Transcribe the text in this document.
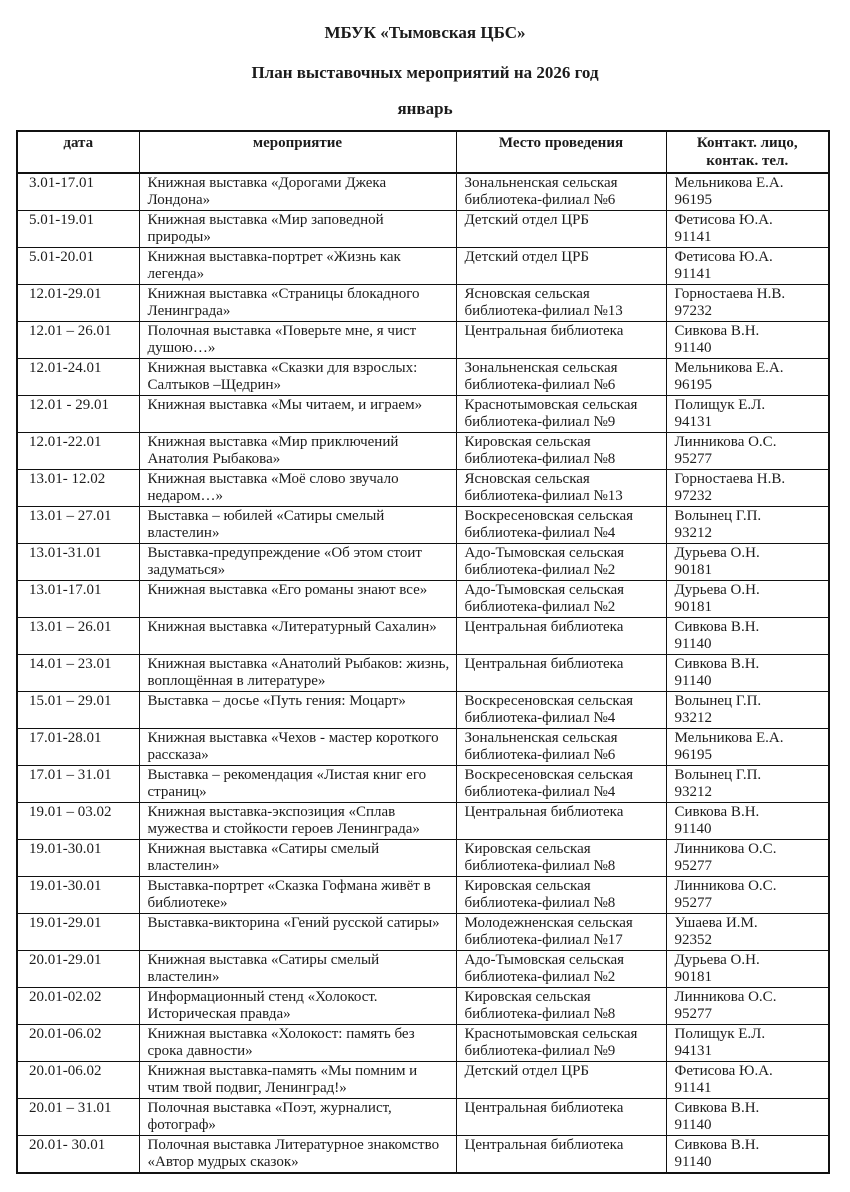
МБУК «Тымовская ЦБС»
План выставочных мероприятий на 2026 год
январь
дата	мероприятие	Место проведения	Контакт. лицо,
контак. тел.

3.01-17.01	Книжная выставка «Дорогами Джека Лондона»	Зональненская сельская библиотека-филиал №6	Мельникова Е.А.
96195

5.01-19.01	Книжная выставка «Мир заповедной природы»	Детский отдел ЦРБ	Фетисова Ю.А.
91141

5.01-20.01	Книжная выставка-портрет «Жизнь как легенда»	Детский отдел ЦРБ	Фетисова Ю.А.
91141

12.01-29.01	Книжная выставка «Страницы блокадного Ленинграда»	Ясновская сельская библиотека-филиал №13	Горностаева Н.В.
97232

12.01 – 26.01	Полочная выставка «Поверьте мне, я чист душою…»	Центральная библиотека	Сивкова В.Н.
91140

12.01-24.01	Книжная выставка «Сказки для взрослых: Салтыков –Щедрин»	Зональненская сельская библиотека-филиал №6	Мельникова Е.А.
96195

12.01 - 29.01	Книжная выставка «Мы читаем, и играем»	Краснотымовская сельская библиотека-филиал №9	Полищук Е.Л.
94131

12.01-22.01	Книжная выставка «Мир приключений Анатолия Рыбакова»	Кировская сельская библиотека-филиал №8	Линникова О.С.
95277

13.01- 12.02	Книжная выставка «Моё слово звучало недаром…»	Ясновская сельская библиотека-филиал №13	Горностаева Н.В.
97232

13.01 – 27.01	Выставка – юбилей «Сатиры смелый властелин»	Воскресеновская сельская библиотека-филиал №4	Волынец Г.П.
93212

13.01-31.01	Выставка-предупреждение «Об этом стоит задуматься»	Адо-Тымовская сельская библиотека-филиал №2	Дурьева О.Н.
90181

13.01-17.01	Книжная выставка «Его романы знают все»	Адо-Тымовская сельская библиотека-филиал №2	Дурьева О.Н.
90181

13.01 – 26.01	Книжная выставка «Литературный Сахалин»	Центральная библиотека	Сивкова В.Н.
91140

14.01 – 23.01	Книжная выставка «Анатолий Рыбаков: жизнь, воплощённая в литературе»	Центральная библиотека	Сивкова В.Н.
91140

15.01 – 29.01	Выставка – досье «Путь гения: Моцарт»	Воскресеновская сельская библиотека-филиал №4	Волынец Г.П.
93212

17.01-28.01	Книжная выставка «Чехов - мастер короткого рассказа»	Зональненская сельская библиотека-филиал №6	Мельникова Е.А.
96195

17.01 – 31.01	Выставка – рекомендация «Листая книг его страниц»	Воскресеновская сельская библиотека-филиал №4	Волынец Г.П.
93212

19.01 – 03.02	Книжная выставка-экспозиция «Сплав мужества и стойкости героев Ленинграда»	Центральная библиотека	Сивкова В.Н.
91140

19.01-30.01	Книжная выставка «Сатиры смелый властелин»	Кировская сельская библиотека-филиал №8	Линникова О.С.
95277

19.01-30.01	Выставка-портрет «Сказка Гофмана живёт в библиотеке»	Кировская сельская библиотека-филиал №8	Линникова О.С.
95277

19.01-29.01	Выставка-викторина «Гений русской сатиры»	Молодежненская сельская библиотека-филиал №17	Ушаева И.М.
92352

20.01-29.01	Книжная выставка «Сатиры смелый властелин»	Адо-Тымовская сельская библиотека-филиал №2	Дурьева О.Н.
90181

20.01-02.02	Информационный стенд «Холокост. Историческая правда»	Кировская сельская библиотека-филиал №8	Линникова О.С.
95277

20.01-06.02	Книжная выставка «Холокост: память без срока давности»	Краснотымовская сельская библиотека-филиал №9	Полищук Е.Л.
94131

20.01-06.02	Книжная выставка-память «Мы помним и чтим твой подвиг, Ленинград!»	Детский отдел ЦРБ	Фетисова Ю.А.
91141

20.01 – 31.01	Полочная выставка «Поэт, журналист, фотограф»	Центральная библиотека	Сивкова В.Н.
91140

20.01- 30.01	Полочная выставка Литературное знакомство «Автор мудрых сказок»	Центральная библиотека	Сивкова В.Н.
91140
